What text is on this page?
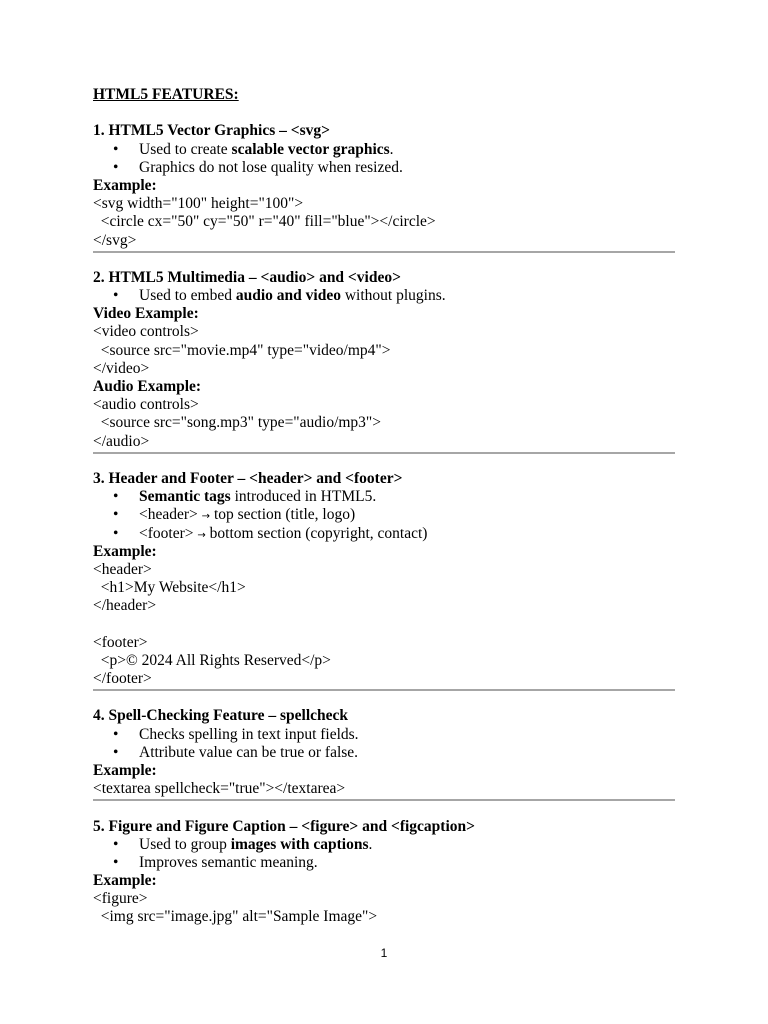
HTML5 FEATURES:
1. HTML5 Vector Graphics – <svg>
• Used to create scalable vector graphics.
• Graphics do not lose quality when resized.
Example:
<svg width="100" height="100">
<circle cx="50" cy="50" r="40" fill="blue"></circle>
</svg>
2. HTML5 Multimedia – <audio> and <video>
• Used to embed audio and video without plugins.
Video Example:
<video controls>
<source src="movie.mp4" type="video/mp4">
</video>
Audio Example:
<audio controls>
<source src="song.mp3" type="audio/mp3">
</audio>
3. Header and Footer – <header> and <footer>
• Semantic tags introduced in HTML5.
• <header> → top section (title, logo)
• <footer> → bottom section (copyright, contact)
Example:
<header>
<h1>My Website</h1>
</header>
<footer>
<p>© 2024 All Rights Reserved</p>
</footer>
4. Spell-Checking Feature – spellcheck
• Checks spelling in text input fields.
• Attribute value can be true or false.
Example:
<textarea spellcheck="true"></textarea>
5. Figure and Figure Caption – <figure> and <figcaption>
• Used to group images with captions.
• Improves semantic meaning.
Example:
<figure>
<img src="image.jpg" alt="Sample Image">
1
